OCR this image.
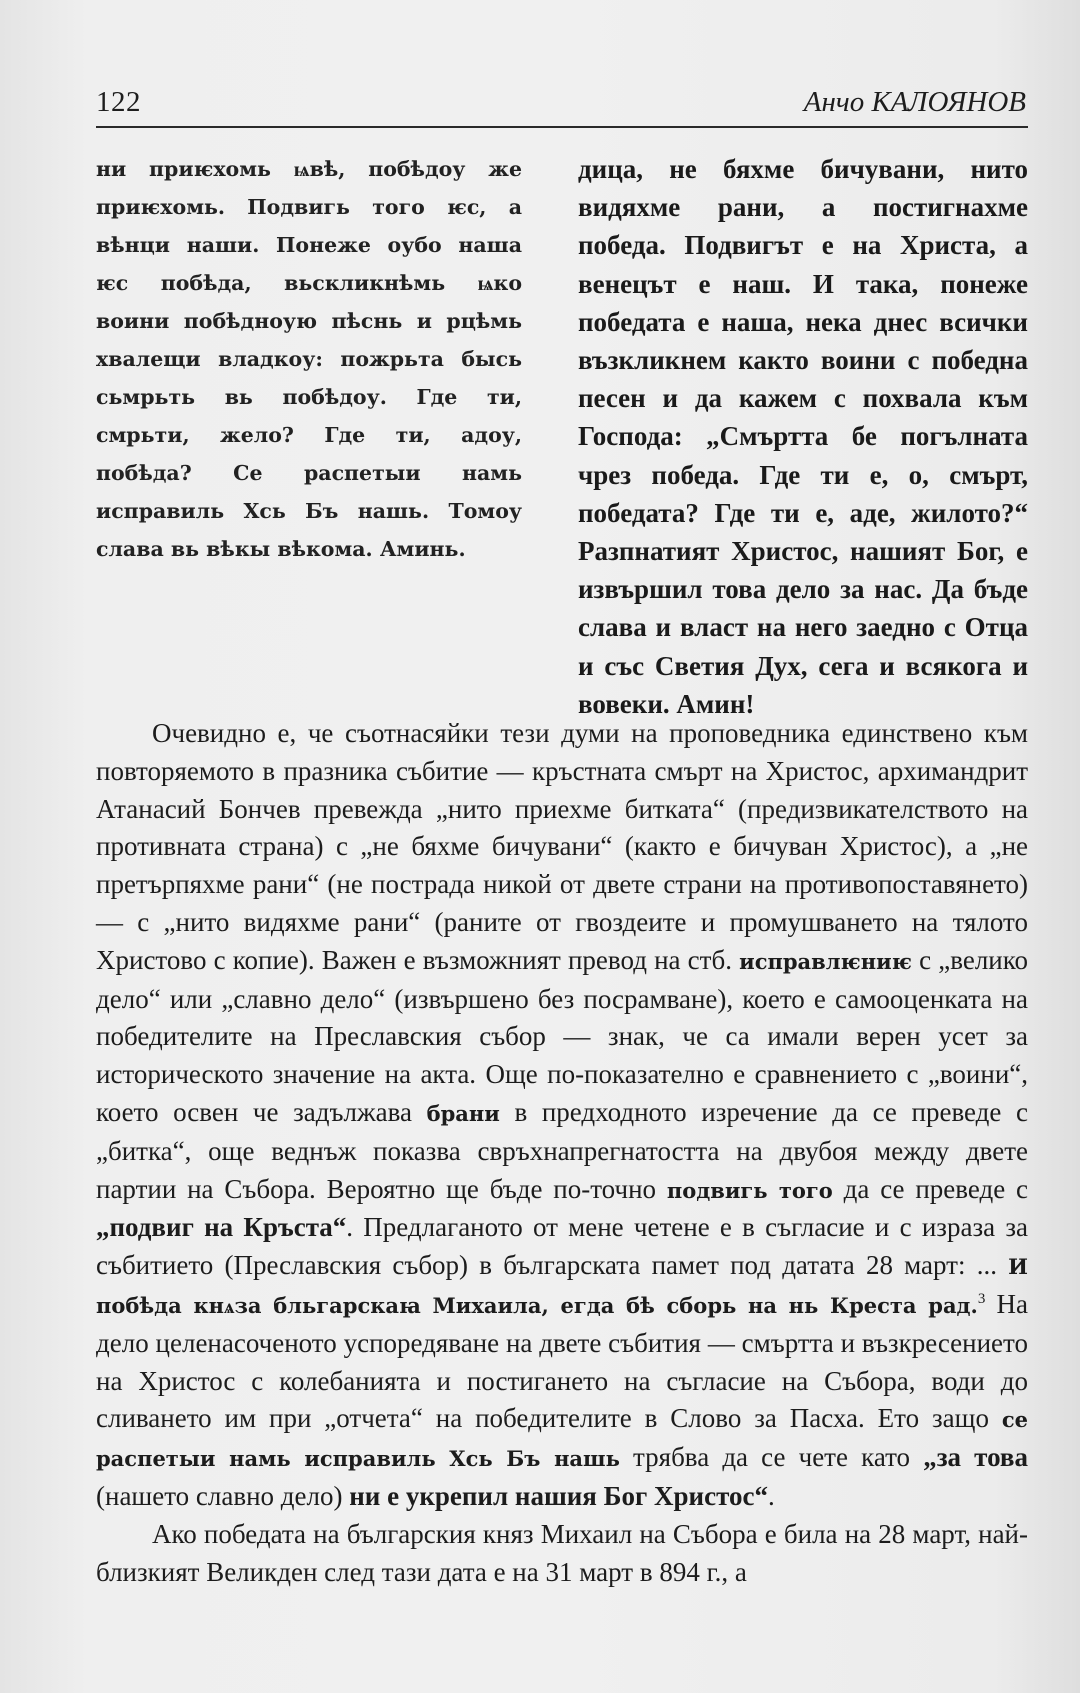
122	Анчо КАЛОЯНОВ

ни приѥхомь ѩвѣ, побѣдоу же приѥхомь. Подвигь того ѥс, а вѣнци наши. Понеже оубо наша ѥс побѣда, вьскликнѣмь ѩко воини побѣдноую пѣснь и рцѣмь хвалещи владкоу: пожрьта бысь сьмрьть вь побѣдоу. Где ти, смрьти, жело? Где ти, адоу, побѣда? Се распетыи намь исправиль Хсь Бъ нашь. Томоу слава вь вѣкы вѣкома. Аминь.

дица, не бяхме бичувани, нито видяхме рани, а постигнахме победа. Подвигът е на Христа, а венецът е наш. И така, понеже победата е наша, нека днес всички възкликнем както воини с победна песен и да кажем с похвала към Господа: „Смъртта бе погълната чрез победа. Где ти е, о, смърт, победата? Где ти е, аде, жилото?“ Разпнатият Христос, нашият Бог, е извършил това дело за нас. Да бъде слава и власт на него заедно с Отца и със Светия Дух, сега и всякога и вовеки. Амин!

Очевидно е, че съотнасяйки тези думи на проповедника единствено към повторяемото в празника събитие — кръстната смърт на Христос, архимандрит Атанасий Бончев превежда „нито приехме битката“ (предизвикателството на противната страна) с „не бяхме бичувани“ (както е бичуван Христос), а „не претърпяхме рани“ (не пострада никой от двете страни на противопоставянето) — с „нито видяхме рани“ (раните от гвоздеите и промушването на тялото Христово с копие). Важен е възможният превод на стб. исправлѥниѥ с „велико дело“ или „славно дело“ (извършено без посрамване), което е самооценката на победителите на Преславския събор — знак, че са имали верен усет за историческото значение на акта. Още по-показателно е сравнението с „воини“, което освен че задължава брани в предходното изречение да се преведе с „битка“, още веднъж показва свръхнапрегнатостта на двубоя между двете партии на Събора. Вероятно ще бъде по-точно подвигь того да се преведе с „подвиг на Кръста“. Предлаганото от мене четене е в съгласие и с израза за събитието (Преславския събор) в българската памет под датата 28 март: ... И побѣда кнѧза бльгарскаꙗ Михаила, егда бѣ сборь на нь Креста рад.$^3$ На дело целенасоченото успоредяване на двете събития — смъртта и възкресението на Христос с колебанията и постигането на съгласие на Събора, води до сливането им при „отчета“ на победителите в Слово за Пасха. Ето защо се распетыи намь исправиль Хсь Бъ нашь трябва да се чете като „за това (нашето славно дело) ни е укрепил нашия Бог Христос“.

Ако победата на българския княз Михаил на Събора е била на 28 март, най-близкият Великден след тази дата е на 31 март в 894 г., а
